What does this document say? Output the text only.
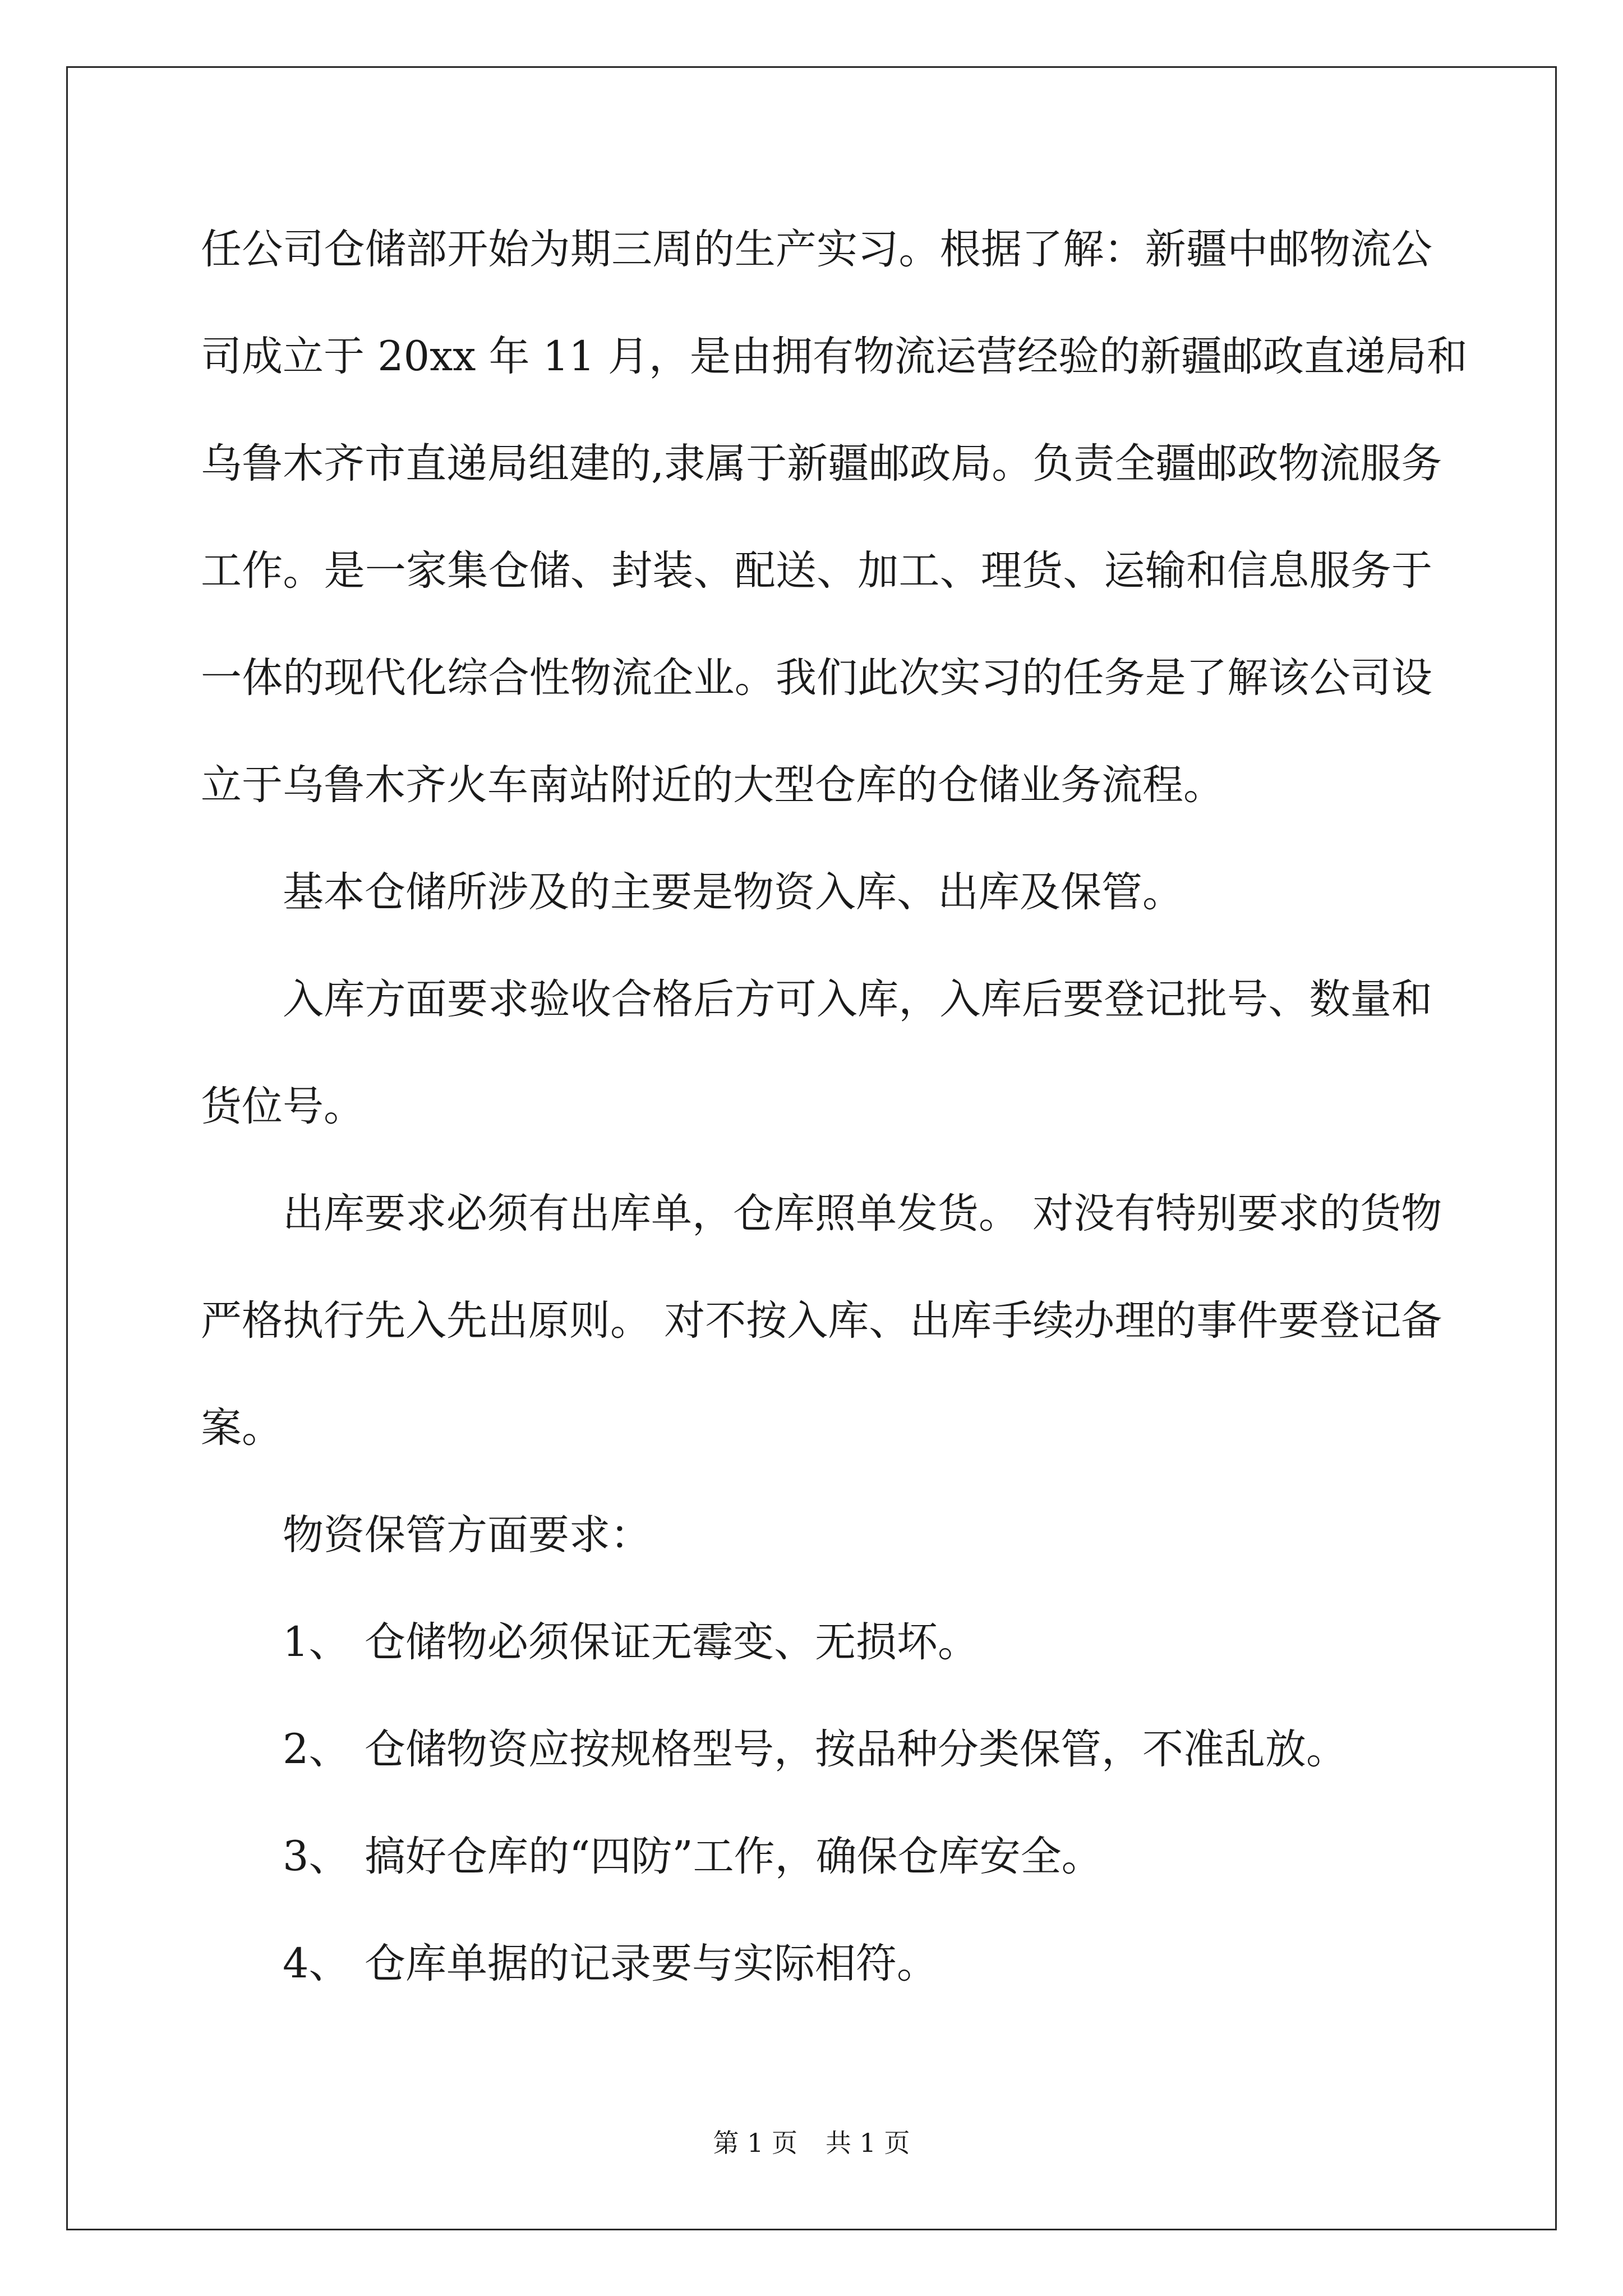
任公司仓储部开始为期三周的生产实习。根据了解：新疆中邮物流公
司成立于 20xx 年 11 月，是由拥有物流运营经验的新疆邮政直递局和
乌鲁木齐市直递局组建的,隶属于新疆邮政局。负责全疆邮政物流服务
工作。是一家集仓储、封装、配送、加工、理货、运输和信息服务于
一体的现代化综合性物流企业。我们此次实习的任务是了解该公司设
立于乌鲁木齐火车南站附近的大型仓库的仓储业务流程。
基本仓储所涉及的主要是物资入库、出库及保管。
入库方面要求验收合格后方可入库，入库后要登记批号、数量和
货位号。
出库要求必须有出库单，仓库照单发货。 对没有特别要求的货物
严格执行先入先出原则。 对不按入库、出库手续办理的事件要登记备
案。
物资保管方面要求：
1、 仓储物必须保证无霉变、无损坏。
2、 仓储物资应按规格型号，按品种分类保管，不准乱放。
3、 搞好仓库的“四防”工作，确保仓库安全。
4、 仓库单据的记录要与实际相符。
第 1 页 共 1 页
